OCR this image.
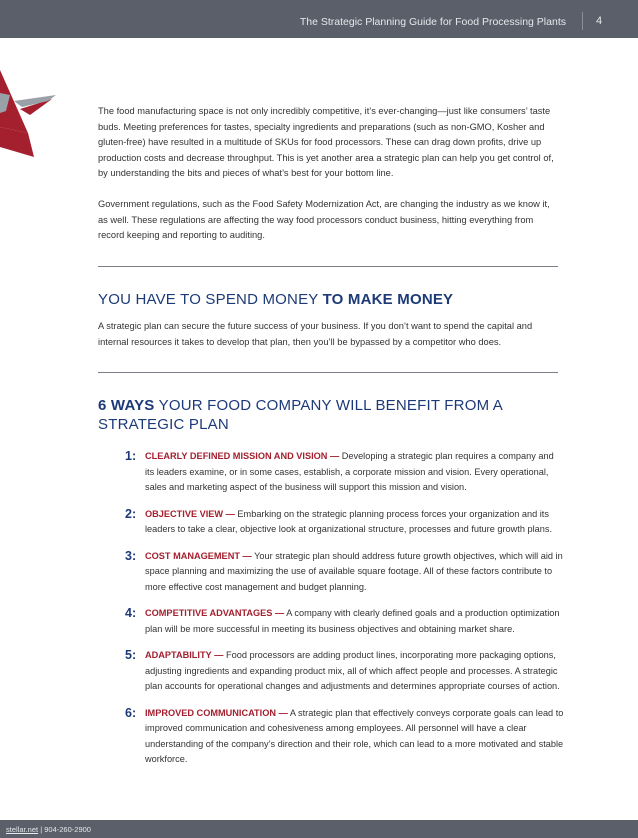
The Strategic Planning Guide for Food Processing Plants	4

The food manufacturing space is not only incredibly competitive, it’s ever-changing—just like consumers’ taste buds. Meeting preferences for tastes, specialty ingredients and preparations (such as non-GMO, Kosher and gluten-free) have resulted in a multitude of SKUs for food processors. These can drag down profits, drive up production costs and decrease throughput. This is yet another area a strategic plan can help you get control of, by understanding the bits and pieces of what’s best for your bottom line.

Government regulations, such as the Food Safety Modernization Act, are changing the industry as we know it, as well. These regulations are affecting the way food processors conduct business, hitting everything from record keeping and reporting to auditing.

YOU HAVE TO SPEND MONEY TO MAKE MONEY

A strategic plan can secure the future success of your business. If you don’t want to spend the capital and internal resources it takes to develop that plan, then you’ll be bypassed by a competitor who does.

6 WAYS YOUR FOOD COMPANY WILL BENEFIT FROM A STRATEGIC PLAN
1: CLEARLY DEFINED MISSION AND VISION — Developing a strategic plan requires a company and its leaders examine, or in some cases, establish, a corporate mission and vision. Every operational, sales and marketing aspect of the business will support this mission and vision.

2: OBJECTIVE VIEW — Embarking on the strategic planning process forces your organization and its leaders to take a clear, objective look at organizational structure, processes and future growth plans.

3: COST MANAGEMENT — Your strategic plan should address future growth objectives, which will aid in space planning and maximizing the use of available square footage. All of these factors contribute to more effective cost management and budget planning.

4: COMPETITIVE ADVANTAGES — A company with clearly defined goals and a production optimization plan will be more successful in meeting its business objectives and obtaining market share.

5: ADAPTABILITY — Food processors are adding product lines, incorporating more packaging options, adjusting ingredients and expanding product mix, all of which affect people and processes. A strategic plan accounts for operational changes and adjustments and determines appropriate courses of action.

6: IMPROVED COMMUNICATION — A strategic plan that effectively conveys corporate goals can lead to improved communication and cohesiveness among employees. All personnel will have a clear understanding of the company’s direction and their role, which can lead to a more motivated and stable workforce.

stellar.net | 904-260-2900
